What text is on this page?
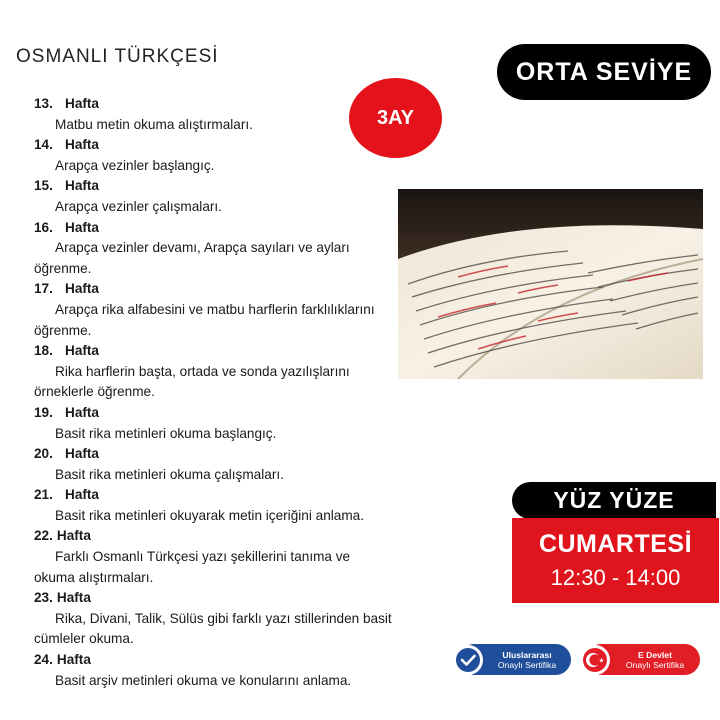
OSMANLI TÜRKÇESİ
ORTA SEVİYE
3AY
13. Hafta
Matbu metin okuma alıştırmaları.
14. Hafta
Arapça vezinler başlangıç.
15. Hafta
Arapça vezinler çalışmaları.
16. Hafta
Arapça vezinler devamı, Arapça sayıları ve ayları öğrenme.
17. Hafta
Arapça rika alfabesini ve matbu harflerin farklılıklarını öğrenme.
18. Hafta
Rika harflerin başta, ortada ve sonda yazılışlarını örneklerle öğrenme.
19. Hafta
Basit rika metinleri okuma başlangıç.
20. Hafta
Basit rika metinleri okuma çalışmaları.
21. Hafta
Basit rika metinleri okuyarak metin içeriğini anlama.
22. Hafta
Farklı Osmanlı Türkçesi yazı şekillerini tanıma ve okuma alıştırmaları.
23. Hafta
Rika, Divani, Talik, Sülüs gibi farklı yazı stillerinden basit cümleler okuma.
24. Hafta
Basit arşiv metinleri okuma ve konularını anlama.
YÜZ YÜZE
CUMARTESİ
12:30 - 14:00
Uluslararası
Onaylı Sertifika
E Devlet
Onaylı Sertifika
